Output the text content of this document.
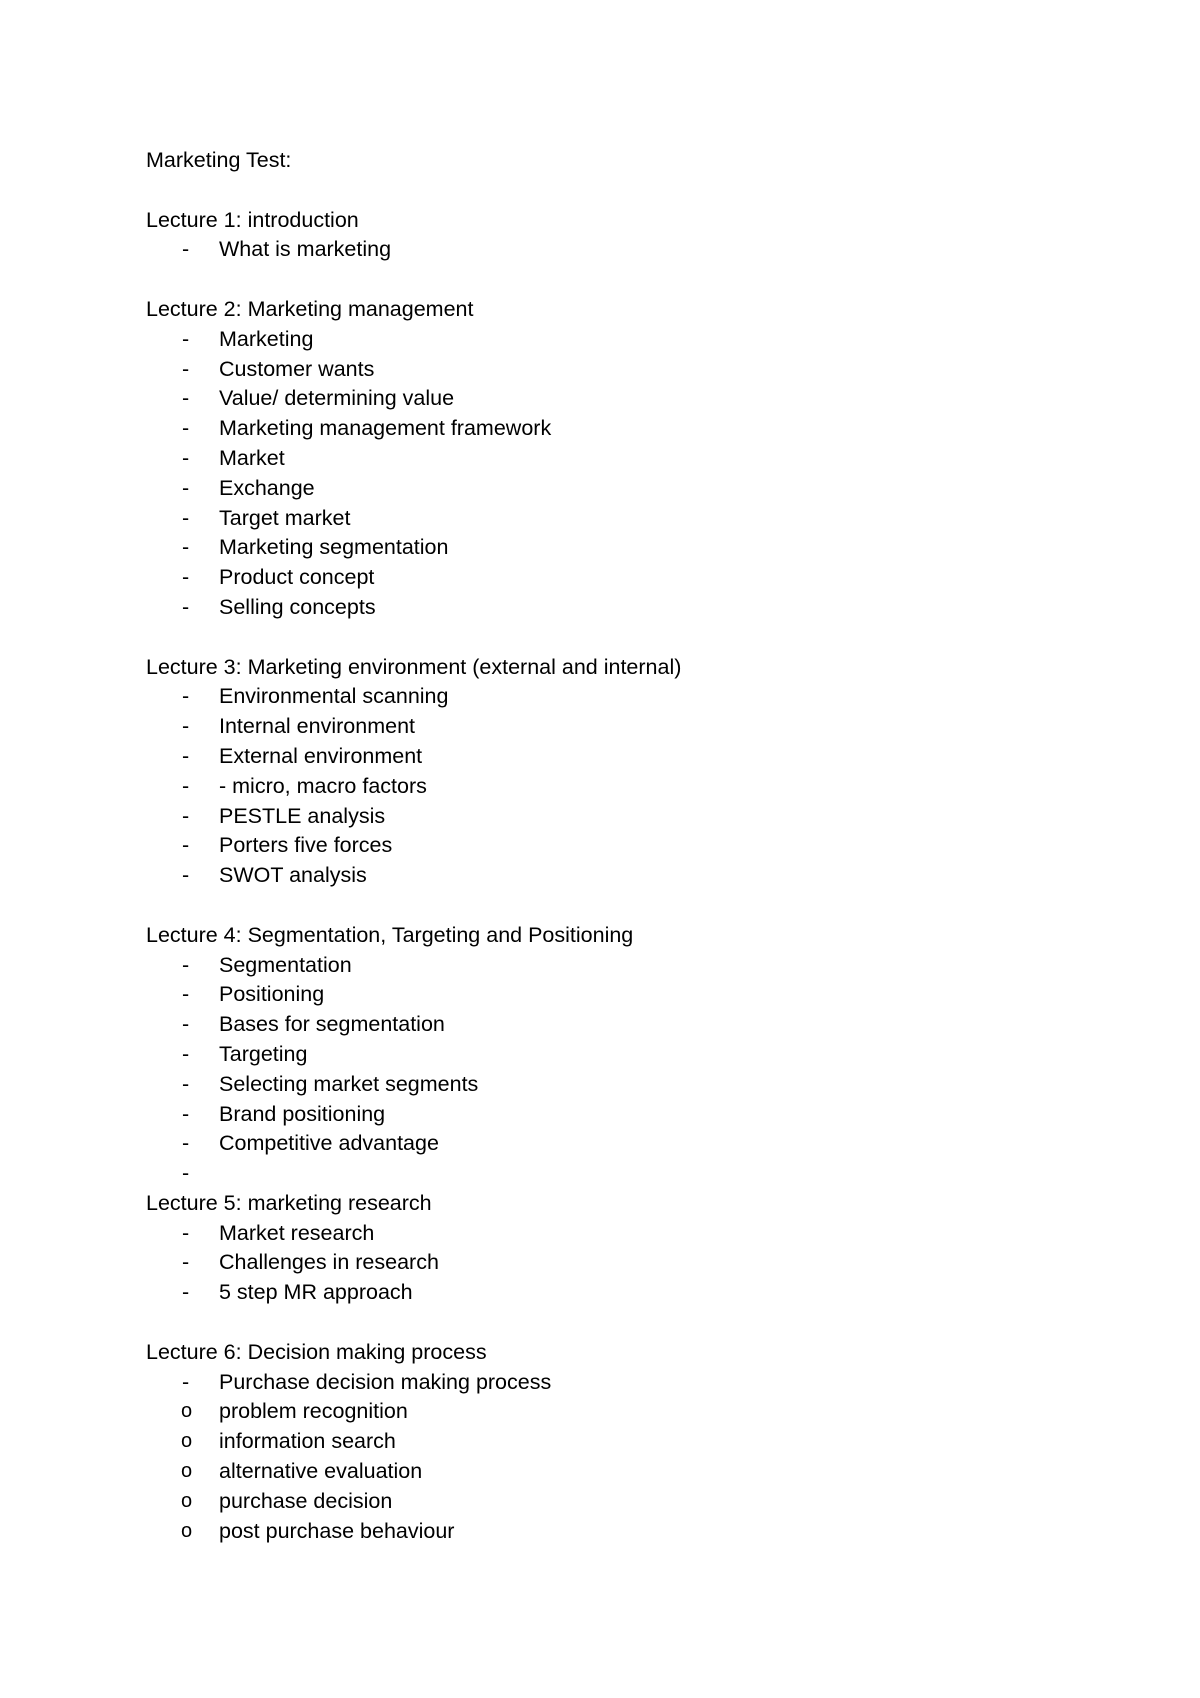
Marketing Test:
Lecture 1: introduction
-	What is marketing
Lecture 2: Marketing management
-	Marketing
-	Customer wants
-	Value/ determining value
-	Marketing management framework
-	Market
-	Exchange
-	Target market
-	Marketing segmentation
-	Product concept
-	Selling concepts
Lecture 3: Marketing environment (external and internal)
-	Environmental scanning
-	Internal environment
-	External environment
-	- micro, macro factors
-	PESTLE analysis
-	Porters five forces
-	SWOT analysis
Lecture 4: Segmentation, Targeting and Positioning
-	Segmentation
-	Positioning
-	Bases for segmentation
-	Targeting
-	Selecting market segments
-	Brand positioning
-	Competitive advantage
-
Lecture 5: marketing research
-	Market research
-	Challenges in research
-	5 step MR approach
Lecture 6: Decision making process
-	Purchase decision making process
o	problem recognition
o	information search
o	alternative evaluation
o	purchase decision
o	post purchase behaviour
